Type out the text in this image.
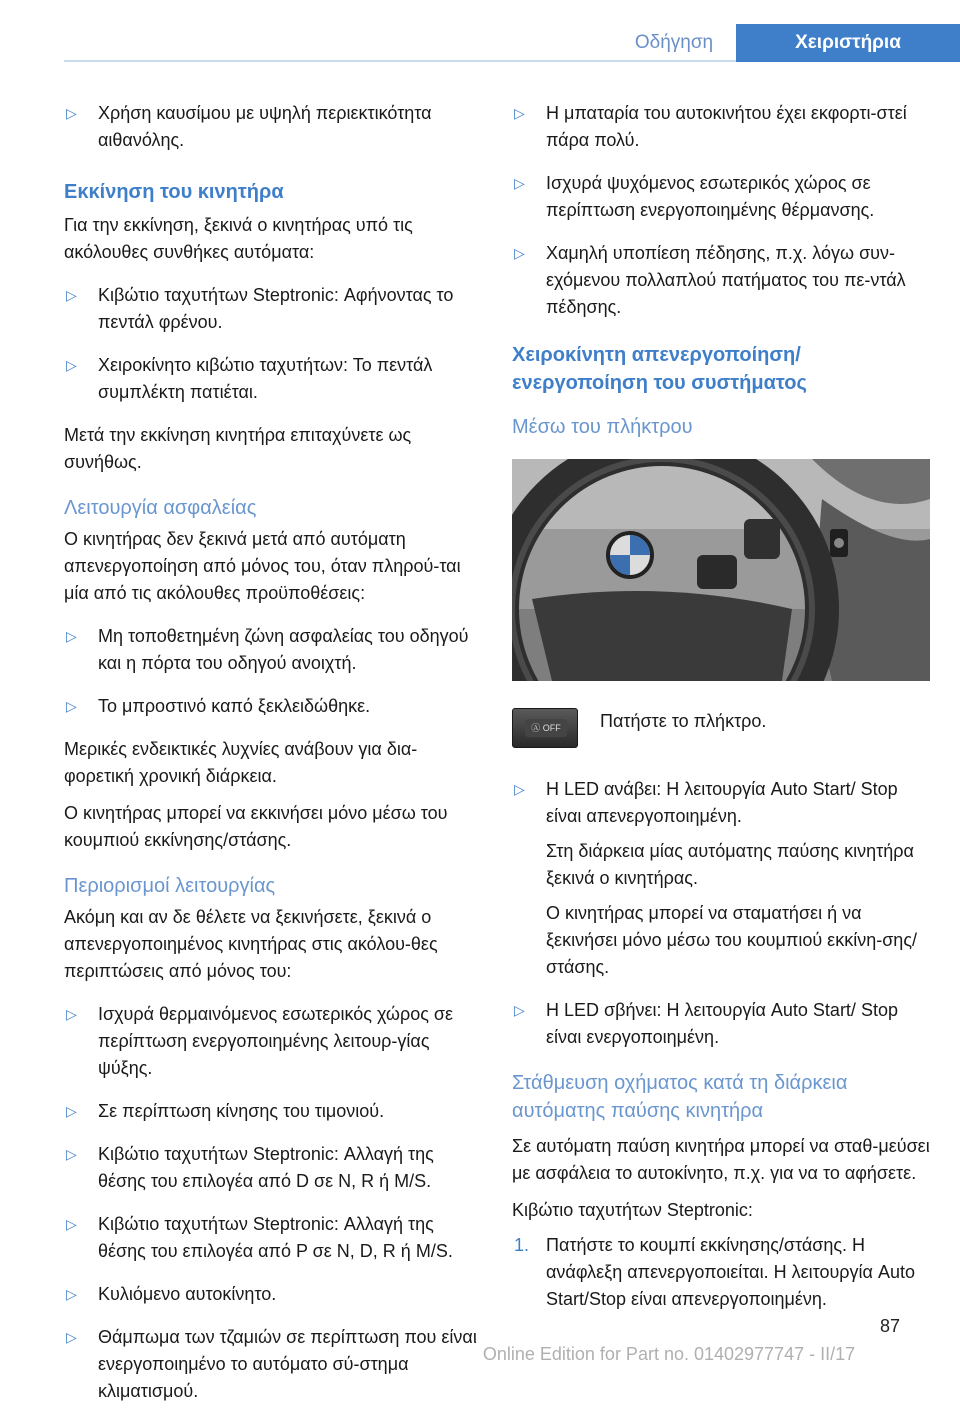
Οδήγηση	Χειριστήρια
▷ Χρήση καυσίμου με υψηλή περιεκτικότητα αιθανόλης.
Εκκίνηση του κινητήρα

Για την εκκίνηση, ξεκινά ο κινητήρας υπό τις ακόλουθες συνθήκες αυτόματα:

▷ Κιβώτιο ταχυτήτων Steptronic: Αφήνοντας το πεντάλ φρένου.
▷ Χειροκίνητο κιβώτιο ταχυτήτων: Το πεντάλ συμπλέκτη πατιέται.

Μετά την εκκίνηση κινητήρα επιταχύνετε ως συνήθως.

Λειτουργία ασφαλείας

Ο κινητήρας δεν ξεκινά μετά από αυτόματη απενεργοποίηση από μόνος του, όταν πληρού-ται μία από τις ακόλουθες προϋποθέσεις:

▷ Μη τοποθετημένη ζώνη ασφαλείας του οδηγού και η πόρτα του οδηγού ανοιχτή.
▷ Το μπροστινό καπό ξεκλειδώθηκε.

Μερικές ενδεικτικές λυχνίες ανάβουν για δια-φορετική χρονική διάρκεια.

Ο κινητήρας μπορεί να εκκινήσει μόνο μέσω του κουμπιού εκκίνησης/στάσης.

Περιορισμοί λειτουργίας

Ακόμη και αν δε θέλετε να ξεκινήσετε, ξεκινά ο απενεργοποιημένος κινητήρας στις ακόλου-θες περιπτώσεις από μόνος του:

▷ Ισχυρά θερμαινόμενος εσωτερικός χώρος σε περίπτωση ενεργοποιημένης λειτουρ-γίας ψύξης.
▷ Σε περίπτωση κίνησης του τιμονιού.
▷ Κιβώτιο ταχυτήτων Steptronic: Αλλαγή της θέσης του επιλογέα από D σε N, R ή M/S.
▷ Κιβώτιο ταχυτήτων Steptronic: Αλλαγή της θέσης του επιλογέα από P σε N, D, R ή M/S.
▷ Κυλιόμενο αυτοκίνητο.
▷ Θάμπωμα των τζαμιών σε περίπτωση που είναι ενεργοποιημένο το αυτόματο σύ-στημα κλιματισμού.
▷ Η μπαταρία του αυτοκινήτου έχει εκφορτι-στεί πάρα πολύ.
▷ Ισχυρά ψυχόμενος εσωτερικός χώρος σε περίπτωση ενεργοποιημένης θέρμανσης.
▷ Χαμηλή υποπίεση πέδησης, π.χ. λόγω συν-εχόμενου πολλαπλού πατήματος του πε-ντάλ πέδησης.
Χειροκίνητη απενεργοποίηση/ ενεργοποίηση του συστήματος
Μέσω του πλήκτρου
Ⓐ OFF	Πατήστε το πλήκτρο.
▷ Η LED ανάβει: Η λειτουργία Auto Start/ Stop είναι απενεργοποιημένη.
Στη διάρκεια μίας αυτόματης παύσης κινητήρα ξεκινά ο κινητήρας.
Ο κινητήρας μπορεί να σταματήσει ή να ξεκινήσει μόνο μέσω του κουμπιού εκκίνη-σης/στάσης.
▷ Η LED σβήνει: Η λειτουργία Auto Start/ Stop είναι ενεργοποιημένη.
Στάθμευση οχήματος κατά τη διάρκεια αυτόματης παύσης κινητήρα

Σε αυτόματη παύση κινητήρα μπορεί να σταθ-μεύσει με ασφάλεια το αυτοκίνητο, π.χ. για να το αφήσετε.

Κιβώτιο ταχυτήτων Steptronic:

1. Πατήστε το κουμπί εκκίνησης/στάσης. Η ανάφλεξη απενεργοποιείται. Η λειτουργία Auto Start/Stop είναι απενεργοποιημένη.
87
Online Edition for Part no. 01402977747 - II/17
